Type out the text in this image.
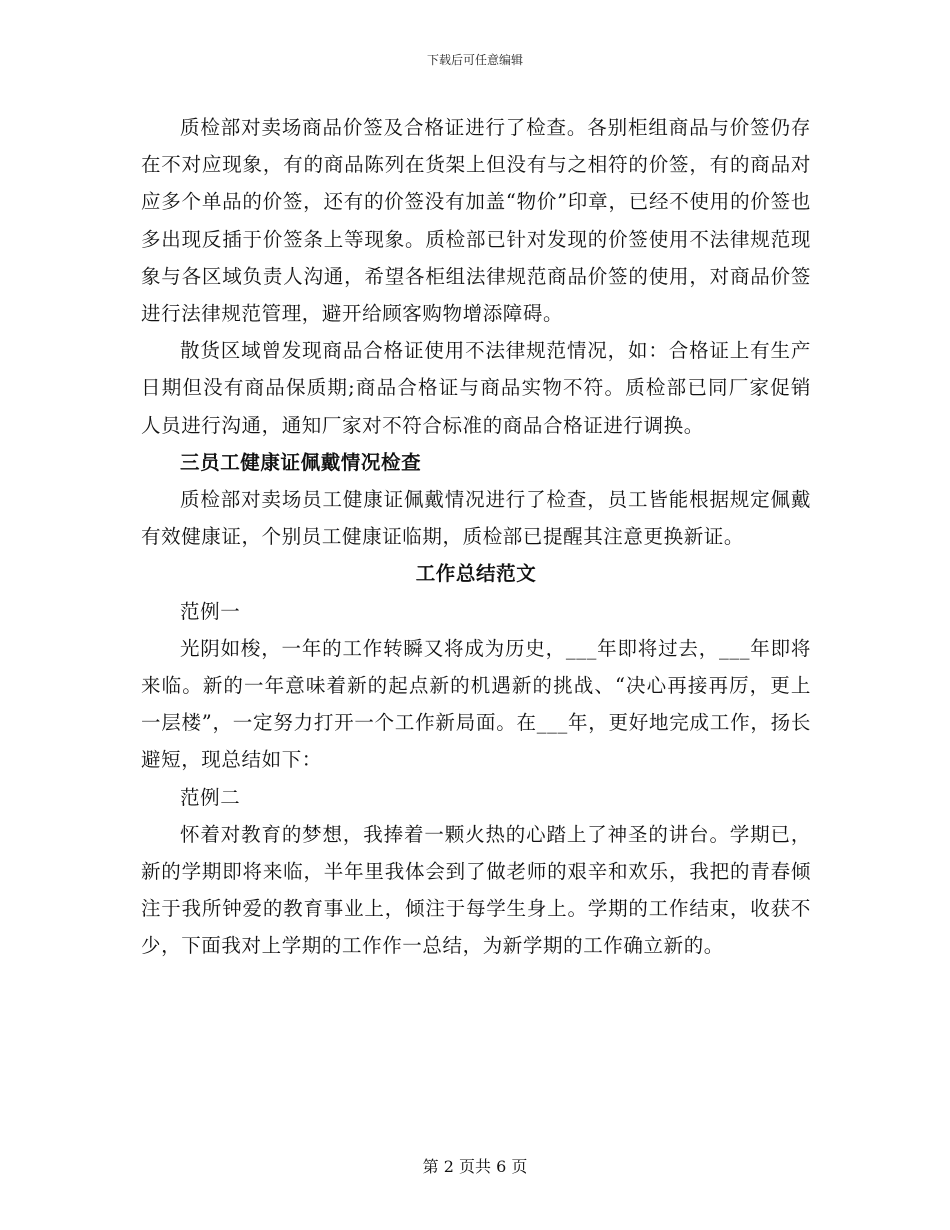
下载后可任意编辑

质检部对卖场商品价签及合格证进行了检查。各别柜组商品与价签仍存在不对应现象，有的商品陈列在货架上但没有与之相符的价签，有的商品对应多个单品的价签，还有的价签没有加盖“物价”印章，已经不使用的价签也多出现反插于价签条上等现象。质检部已针对发现的价签使用不法律规范现象与各区域负责人沟通，希望各柜组法律规范商品价签的使用，对商品价签进行法律规范管理，避开给顾客购物增添障碍。

散货区域曾发现商品合格证使用不法律规范情况，如：合格证上有生产日期但没有商品保质期;商品合格证与商品实物不符。质检部已同厂家促销人员进行沟通，通知厂家对不符合标准的商品合格证进行调换。

三员工健康证佩戴情况检查

质检部对卖场员工健康证佩戴情况进行了检查，员工皆能根据规定佩戴有效健康证，个别员工健康证临期，质检部已提醒其注意更换新证。

工作总结范文

范例一

光阴如梭，一年的工作转瞬又将成为历史，___年即将过去，___年即将来临。新的一年意味着新的起点新的机遇新的挑战、“决心再接再厉，更上一层楼”，一定努力打开一个工作新局面。在___年，更好地完成工作，扬长避短，现总结如下：

范例二

怀着对教育的梦想，我捧着一颗火热的心踏上了神圣的讲台。学期已，新的学期即将来临，半年里我体会到了做老师的艰辛和欢乐，我把的青春倾注于我所钟爱的教育事业上，倾注于每学生身上。学期的工作结束，收获不少，下面我对上学期的工作作一总结，为新学期的工作确立新的。

第 2 页共 6 页
